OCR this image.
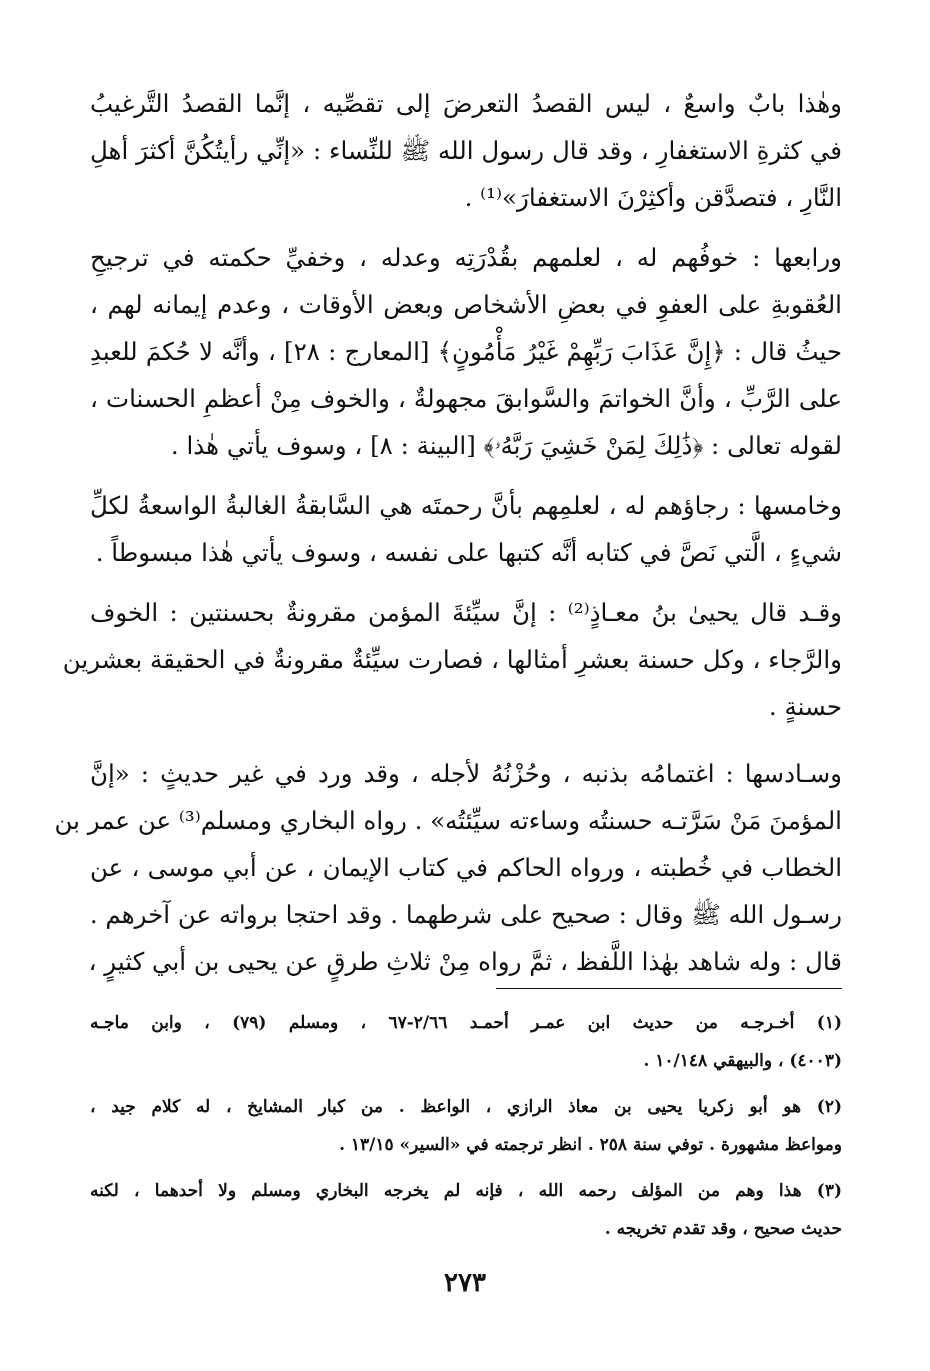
وهٰذا بابٌ واسعٌ ، ليس القصدُ التعرضَ إلى تقصِّيه ، إنَّما القصدُ التَّرغيبُ
في كثرةِ الاستغفارِ ، وقد قال رسول الله ﷺ للنِّساء : «إنِّي رأيتُكُنَّ أكثرَ أهلِ
النَّارِ ، فتصدَّقن وأكثِرْنَ الاستغفارَ»⁽¹⁾ .

ورابعها : خوفُهم له ، لعلمهم بقُدْرَتِه وعدله ، وخفيِّ حكمته في ترجيحِ
العُقوبةِ على العفوِ في بعضِ الأشخاص وبعض الأوقات ، وعدم إيمانه لهم ،
حيثُ قال : ﴿إِنَّ عَذَابَ رَبِّهِمْ غَيْرُ مَأْمُونٍ﴾ [المعارج : ٢٨] ، وأنَّه لا حُكمَ للعبدِ
على الرَّبِّ ، وأنَّ الخواتمَ والسَّوابقَ مجهولةٌ ، والخوف مِنْ أعظمِ الحسنات ،
لقوله تعالى : ﴿ذَٰلِكَ لِمَنْ خَشِيَ رَبَّهُۥ﴾ [البينة : ٨] ، وسوف يأتي هٰذا .

وخامسها : رجاؤهم له ، لعلمِهم بأنَّ رحمتَه هي السَّابقةُ الغالبةُ الواسعةُ لكلِّ
شيءٍ ، الَّتي نَصَّ في كتابه أنَّه كتبها على نفسه ، وسوف يأتي هٰذا مبسوطاً .

وقـد قال يحيىٰ بنُ معـاذٍ⁽²⁾ : إنَّ سيِّئةَ المؤمن مقرونةٌ بحسنتين : الخوف
والرَّجاء ، وكل حسنة بعشرِ أمثالها ، فصارت سيِّئةٌ مقرونةٌ في الحقيقة بعشرين
حسنةٍ .

وسـادسها : اغتمامُه بذنبه ، وحُزْنُهُ لأجله ، وقد ورد في غير حديثٍ : «إنَّ
المؤمنَ مَنْ سَرَّتـه حسنتُه وساءته سيِّئتُه» . رواه البخاري ومسلم⁽³⁾ عن عمر بن
الخطاب في خُطبته ، ورواه الحاكم في كتاب الإيمان ، عن أبي موسى ، عن
رسـول الله ﷺ وقال : صحيح على شرطهما . وقد احتجا برواته عن آخرهم .
قال : وله شاهد بهٰذا اللَّفظ ، ثمَّ رواه مِنْ ثلاثِ طرقٍ عن يحيى بن أبي كثيرٍ ،

(١) أخـرجـه من حديث ابن عمـر أحمـد ٢/٦٦-٦٧ ، ومسلم (٧٩) ، وابن ماجـه
(٤٠٠٣) ، والبيهقي ١٠/١٤٨ .

(٢) هو أبو زكريا يحيى بن معاذ الرازي ، الواعظ . من كبار المشايخ ، له كلام جيد ،
ومواعظ مشهورة . توفي سنة ٢٥٨ . انظر ترجمته في «السير» ١٣/١٥ .

(٣) هذا وهم من المؤلف رحمه الله ، فإنه لم يخرجه البخاري ومسلم ولا أحدهما ، لكنه
حديث صحيح ، وقد تقدم تخريجه .

٢٧٣
